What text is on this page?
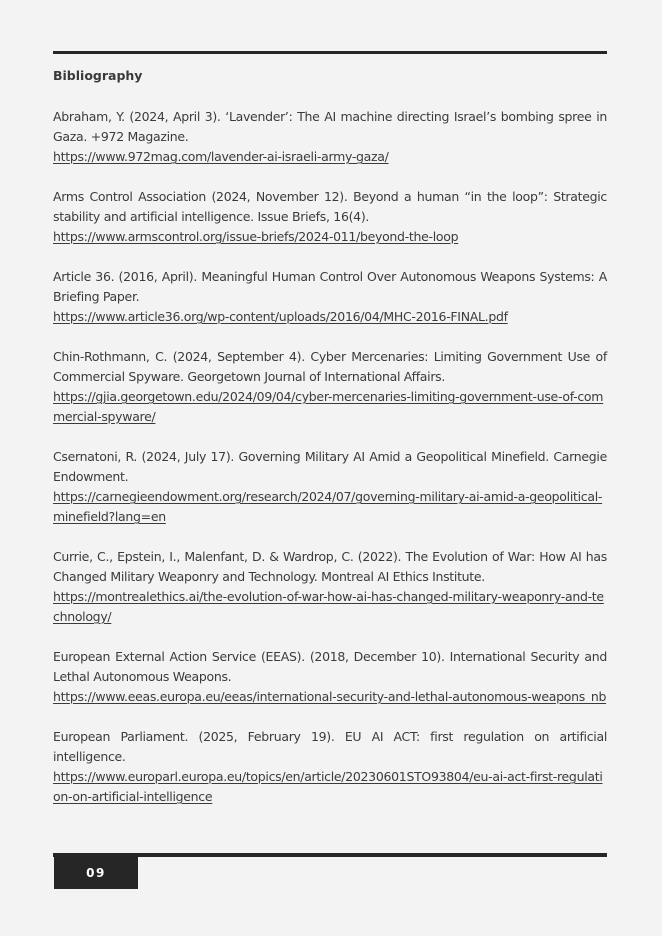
Bibliography
Abraham, Y. (2024, April 3). ‘Lavender’: The AI machine directing Israel’s bombing spree in Gaza. +972 Magazine.
https://www.972mag.com/lavender-ai-israeli-army-gaza/
Arms Control Association (2024, November 12). Beyond a human “in the loop”: Strategic stability and artificial intelligence. Issue Briefs, 16(4).
https://www.armscontrol.org/issue-briefs/2024-011/beyond-the-loop
Article 36. (2016, April). Meaningful Human Control Over Autonomous Weapons Systems: A Briefing Paper.
https://www.article36.org/wp-content/uploads/2016/04/MHC-2016-FINAL.pdf
Chin-Rothmann, C. (2024, September 4). Cyber Mercenaries: Limiting Government Use of Commercial Spyware. Georgetown Journal of International Affairs.
https://gjia.georgetown.edu/2024/09/04/cyber-mercenaries-limiting-government-use-of-commercial-spyware/
Csernatoni, R. (2024, July 17). Governing Military AI Amid a Geopolitical Minefield. Carnegie Endowment.
https://carnegieendowment.org/research/2024/07/governing-military-ai-amid-a-geopolitical-minefield?lang=en
Currie, C., Epstein, I., Malenfant, D. & Wardrop, C. (2022). The Evolution of War: How AI has Changed Military Weaponry and Technology. Montreal AI Ethics Institute.
https://montrealethics.ai/the-evolution-of-war-how-ai-has-changed-military-weaponry-and-technology/
European External Action Service (EEAS). (2018, December 10). International Security and Lethal Autonomous Weapons.
https://www.eeas.europa.eu/eeas/international-security-and-lethal-autonomous-weapons_nb
European Parliament. (2025, February 19). EU AI ACT: first regulation on artificial intelligence.
https://www.europarl.europa.eu/topics/en/article/20230601STO93804/eu-ai-act-first-regulation-on-artificial-intelligence
09
